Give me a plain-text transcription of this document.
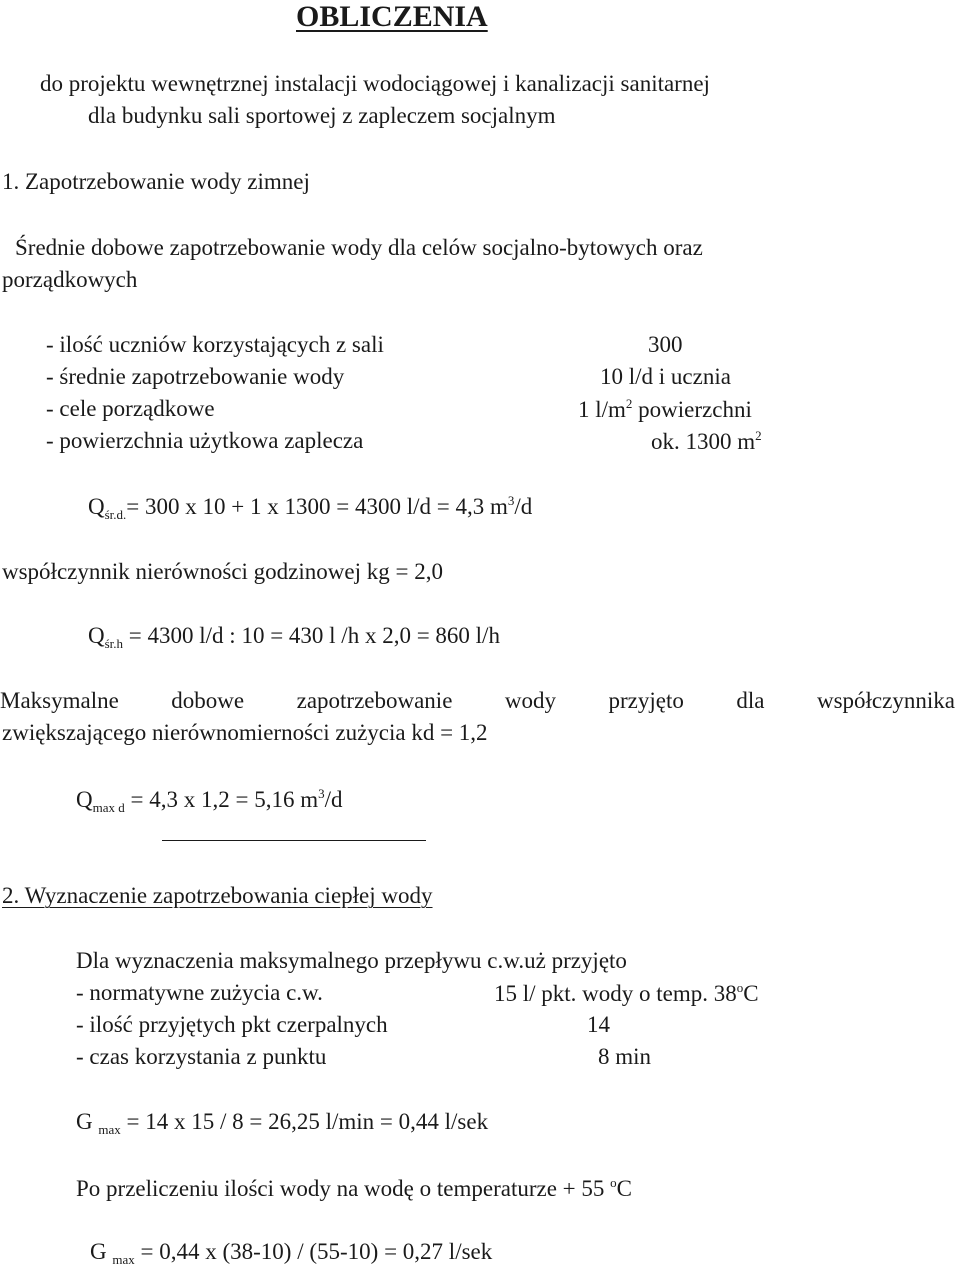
OBLICZENIA
do projektu wewnętrznej instalacji wodociągowej i kanalizacji sanitarnej
dla budynku sali sportowej z zapleczem socjalnym
1. Zapotrzebowanie wody zimnej
Średnie dobowe zapotrzebowanie wody dla celów socjalno-bytowych oraz
porządkowych
- ilość uczniów korzystających z sali	300
- średnie zapotrzebowanie wody	10 l/d i ucznia
- cele porządkowe	1 $l/m^2$ powierzchni
- powierzchnia użytkowa zaplecza	ok. 1300 $m^2$
$Q_{śr.d.}= 300$ x 10 + 1 x 1300 = 4300 l/d = 4,3 $m^3/d$
współczynnik nierówności godzinowej kg = 2,0
$Q_{śr.h} = 4300$ l/d : 10 = 430 l /h x 2,0 = 860 l/h
Maksymalne dobowe zapotrzebowanie wody przyjęto dla współczynnika
zwiększającego nierównomierności zużycia kd = 1,2
$Q_{max d} = 4,3$ x 1,2 = 5,16 $m^3/d$
2. Wyznaczenie zapotrzebowania ciepłej wody
Dla wyznaczenia maksymalnego przepływu c.w.uż przyjęto
- normatywne zużycia c.w.	15 l/ pkt. wody o temp. 38$^o$C
- ilość przyjętych pkt czerpalnych	14
- czas korzystania z punktu	8 min
G $_{max}$ = 14 x 15 / 8 = 26,25 l/min = 0,44 l/sek
Po przeliczeniu ilości wody na wodę o temperaturze + 55 $^o$C
G $_{max}$ = 0,44 x (38-10) / (55-10) = 0,27 l/sek
